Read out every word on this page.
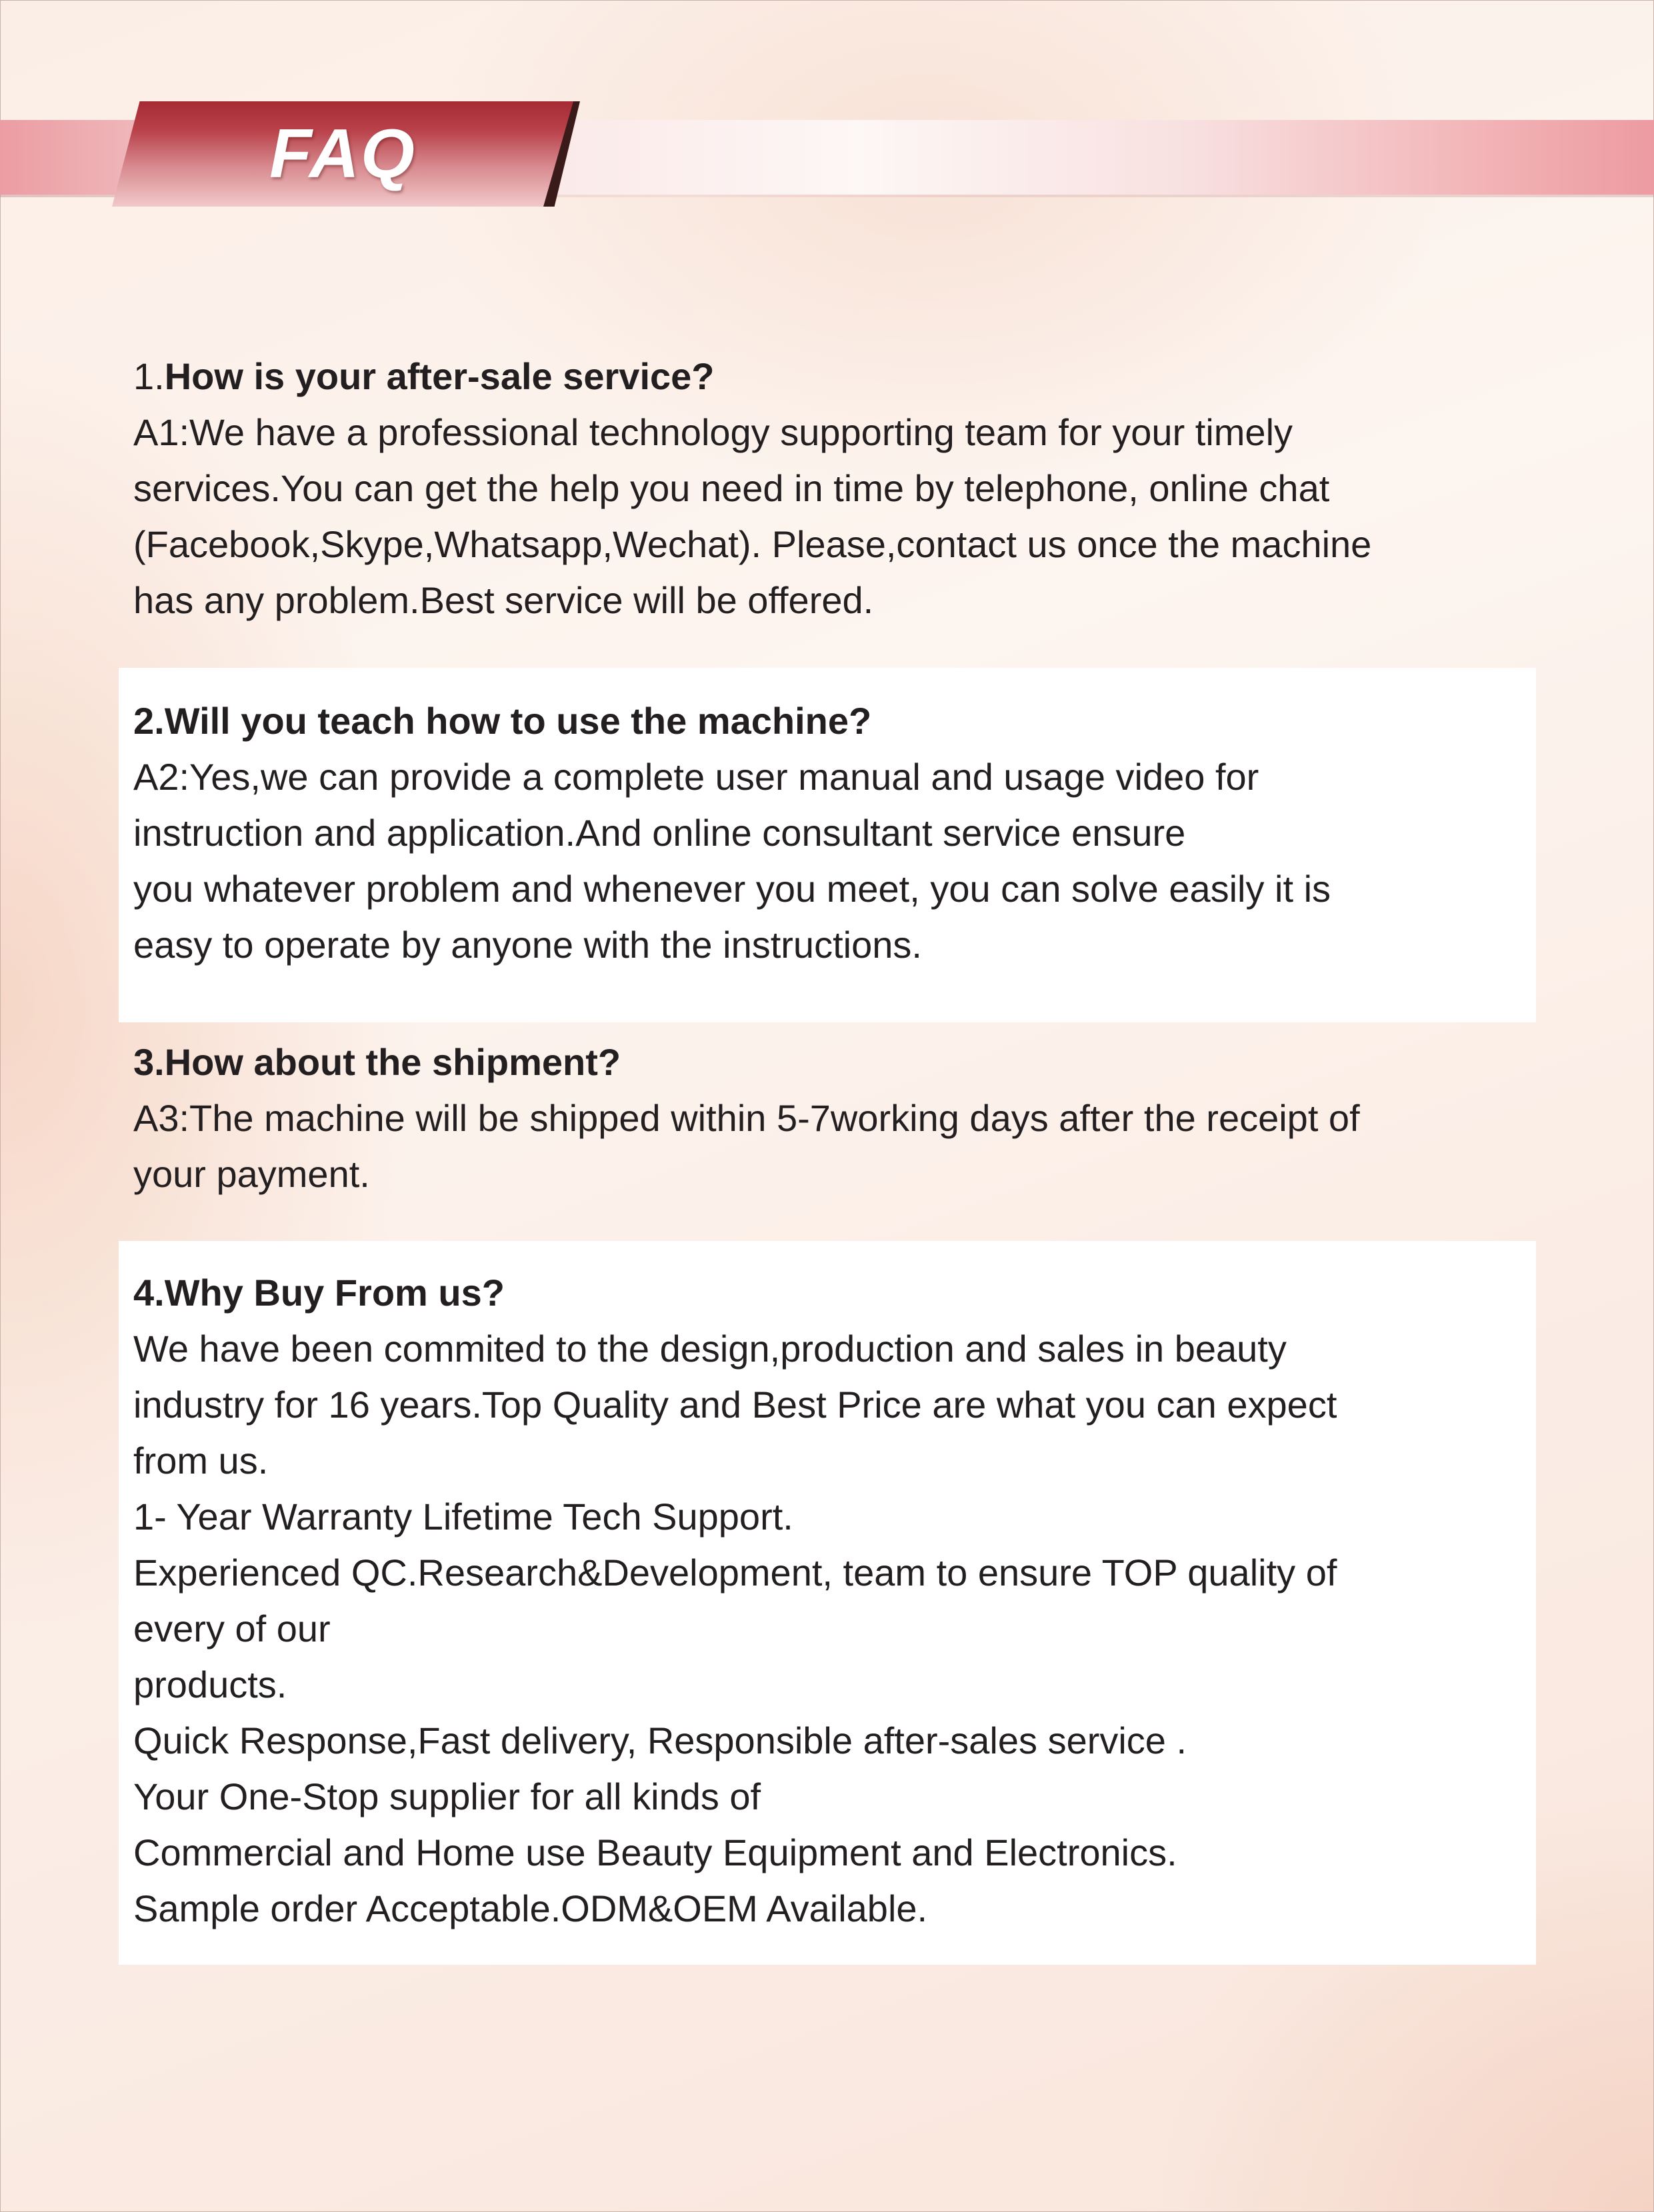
FAQ
1.How is your after-sale service?
A1:We have a professional technology supporting team for your timely
services.You can get the help you need in time by telephone, online chat
(Facebook,Skype,Whatsapp,Wechat). Please,contact us once the machine
has any problem.Best service will be offered.
2.Will you teach how to use the machine?
A2:Yes,we can provide a complete user manual and usage video for
instruction and application.And online consultant service ensure
you whatever problem and whenever you meet, you can solve easily it is
easy to operate by anyone with the instructions.
3.How about the shipment?
A3:The machine will be shipped within 5-7working days after the receipt of
your payment.
4.Why Buy From us?
We have been commited to the design,production and sales in beauty
industry for 16 years.Top Quality and Best Price are what you can expect
from us.
1- Year Warranty Lifetime Tech Support.
Experienced QC.Research&Development, team to ensure TOP quality of
every of our
products.
Quick Response,Fast delivery, Responsible after-sales service .
Your One-Stop supplier for all kinds of
Commercial and Home use Beauty Equipment and Electronics.
Sample order Acceptable.ODM&OEM Available.
